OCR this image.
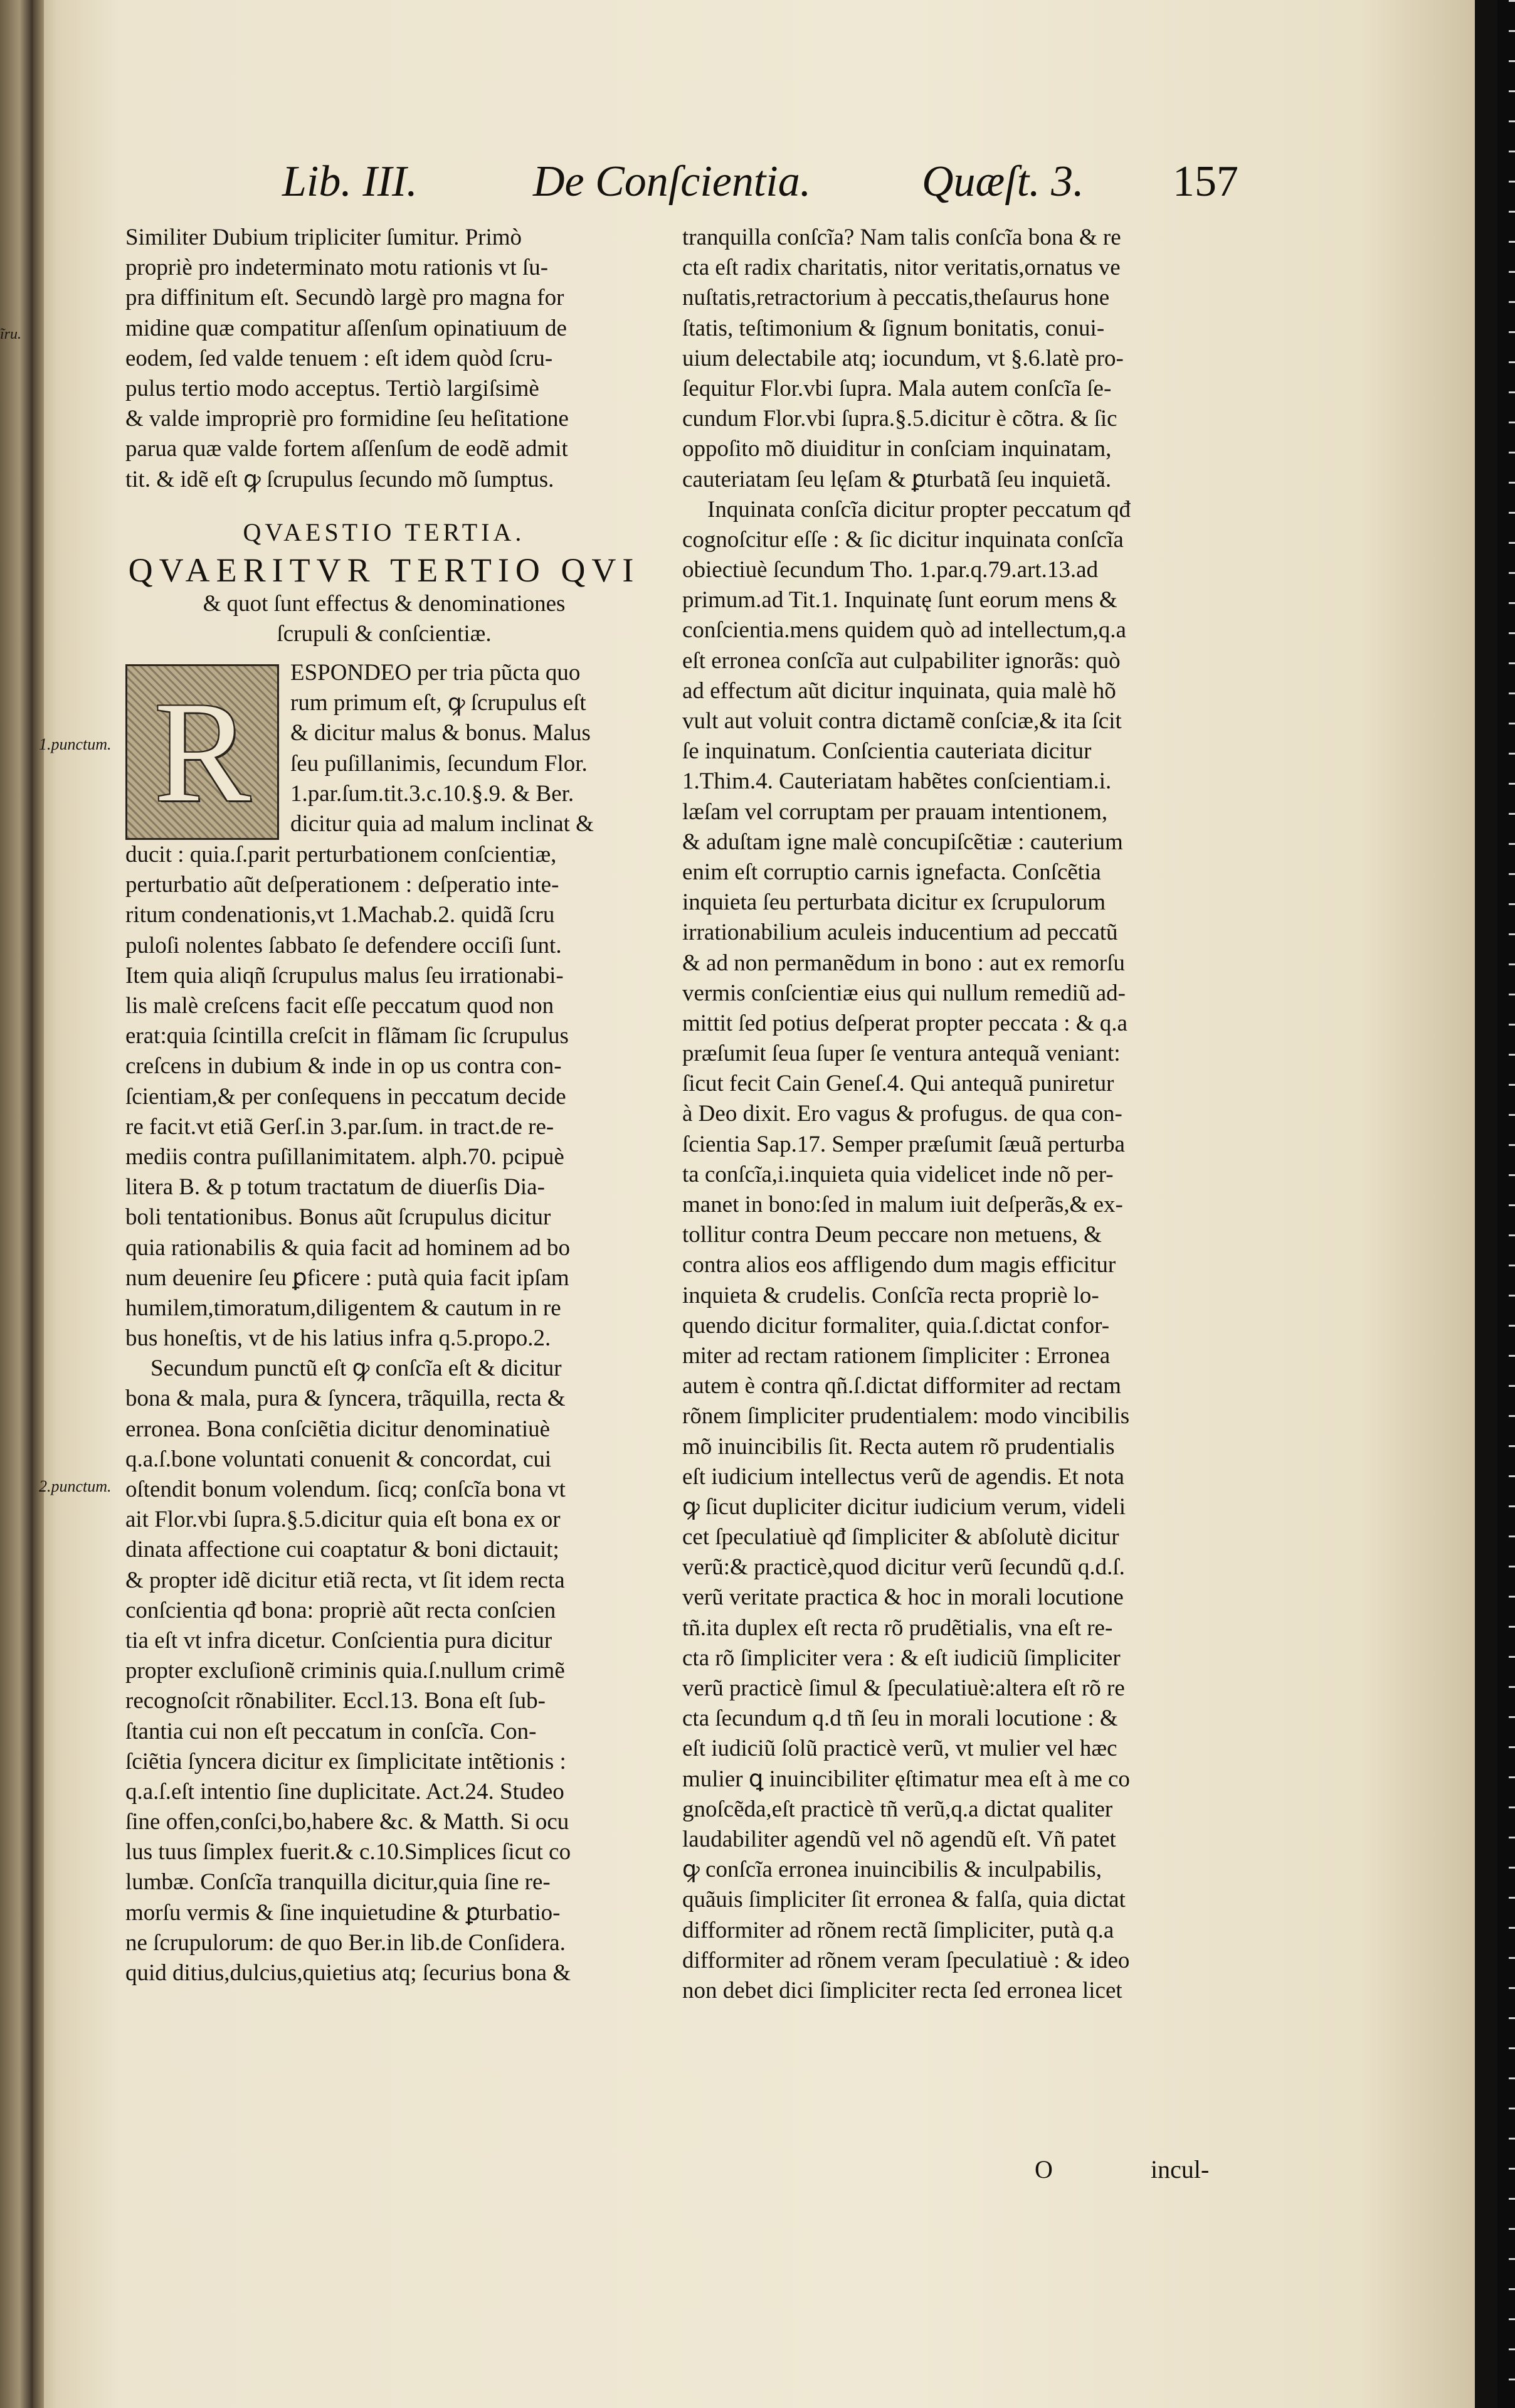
ĩru.
Lib. III.	De Conſcientia.	Quæſt. 3. 157
1.punctum.
2.punctum.
Similiter Dubium tripliciter ſumitur. Primò
propriè pro indeterminato motu rationis vt ſu-
pra diffinitum eſt. Secundò largè pro magna for
midine quæ compatitur aſſenſum opinatiuum de
eodem, ſed valde tenuem : eſt idem quòd ſcru-
pulus tertio modo acceptus. Tertiò largiſsimè
& valde impropriè pro formidine ſeu heſitatione
parua quæ valde fortem aſſenſum de eodẽ admit
tit. & idẽ eſt ꝙ ſcrupulus ſecundo mõ ſumptus.
QVAESTIO TERTIA.
QVAERITVR TERTIO QVI
& quot ſunt effectus & denominationes
ſcrupuli & conſcientiæ.
R	ESPONDEO per tria pũcta quo
rum primum eſt, ꝙ ſcrupulus eſt
& dicitur malus & bonus. Malus
ſeu puſillanimis, ſecundum Flor.
1.par.ſum.tit.3.c.10.§.9. & Ber.
dicitur quia ad malum inclinat &
ducit : quia.ſ.parit perturbationem conſcientiæ,
perturbatio aũt deſperationem : deſperatio inte-
ritum condenationis,vt 1.Machab.2. quidã ſcru
puloſi nolentes ſabbato ſe defendere occiſi ſunt.
Item quia aliqñ ſcrupulus malus ſeu irrationabi-
lis malè creſcens facit eſſe peccatum quod non
erat:quia ſcintilla creſcit in flãmam ſic ſcrupulus
creſcens in dubium & inde in op us contra con-
ſcientiam,& per conſequens in peccatum decide
re facit.vt etiã Gerſ.in 3.par.ſum. in tract.de re-
mediis contra puſillanimitatem. alph.70. pcipuè
litera B. & p totum tractatum de diuerſis Dia-
boli tentationibus. Bonus aũt ſcrupulus dicitur
quia rationabilis & quia facit ad hominem ad bo
num deuenire ſeu ꝑficere : putà quia facit ipſam
humilem,timoratum,diligentem & cautum in re
bus honeſtis, vt de his latius infra q.5.propo.2.
Secundum punctũ eſt ꝙ conſcĩa eſt & dicitur
bona & mala, pura & ſyncera, trãquilla, recta &
erronea. Bona conſciẽtia dicitur denominatiuè
q.a.ſ.bone voluntati conuenit & concordat, cui
oſtendit bonum volendum. ſicq; conſcĩa bona vt
ait Flor.vbi ſupra.§.5.dicitur quia eſt bona ex or
dinata affectione cui coaptatur & boni dictauit;
& propter idẽ dicitur etiã recta, vt ſit idem recta
conſcientia qđ bona: propriè aũt recta conſcien
tia eſt vt infra dicetur. Conſcientia pura dicitur
propter excluſionẽ criminis quia.ſ.nullum crimẽ
recognoſcit rõnabiliter. Eccl.13. Bona eſt ſub-
ſtantia cui non eſt peccatum in conſcĩa. Con-
ſciẽtia ſyncera dicitur ex ſimplicitate intẽtionis :
q.a.ſ.eſt intentio ſine duplicitate. Act.24. Studeo
ſine offen,conſci,bo,habere &c. & Matth. Si ocu
lus tuus ſimplex fuerit.& c.10.Simplices ſicut co
lumbæ. Conſcĩa tranquilla dicitur,quia ſine re-
morſu vermis & ſine inquietudine & ꝑturbatio-
ne ſcrupulorum: de quo Ber.in lib.de Conſidera.
quid ditius,dulcius,quietius atq; ſecurius bona &
tranquilla conſcĩa? Nam talis conſcĩa bona & re
cta eſt radix charitatis, nitor veritatis,ornatus ve
nuſtatis,retractorium à peccatis,theſaurus hone
ſtatis, teſtimonium & ſignum bonitatis, conui-
uium delectabile atq; iocundum, vt §.6.latè pro-
ſequitur Flor.vbi ſupra. Mala autem conſcĩa ſe-
cundum Flor.vbi ſupra.§.5.dicitur è cõtra. & ſic
oppoſito mõ diuiditur in conſciam inquinatam,
cauteriatam ſeu lęſam & ꝑturbatã ſeu inquietã.
Inquinata conſcĩa dicitur propter peccatum qđ
cognoſcitur eſſe : & ſic dicitur inquinata conſcĩa
obiectiuè ſecundum Tho. 1.par.q.79.art.13.ad
primum.ad Tit.1. Inquinatę ſunt eorum mens &
conſcientia.mens quidem quò ad intellectum,q.a
eſt erronea conſcĩa aut culpabiliter ignorãs: quò
ad effectum aũt dicitur inquinata, quia malè hõ
vult aut voluit contra dictamẽ conſciæ,& ita ſcit
ſe inquinatum. Conſcientia cauteriata dicitur
1.Thim.4. Cauteriatam habẽtes conſcientiam.i.
læſam vel corruptam per prauam intentionem,
& aduſtam igne malè concupiſcẽtiæ : cauterium
enim eſt corruptio carnis ignefacta. Conſcẽtia
inquieta ſeu perturbata dicitur ex ſcrupulorum
irrationabilium aculeis inducentium ad peccatũ
& ad non permanẽdum in bono : aut ex remorſu
vermis conſcientiæ eius qui nullum remediũ ad-
mittit ſed potius deſperat propter peccata : & q.a
præſumit ſeua ſuper ſe ventura antequã veniant:
ſicut fecit Cain Geneſ.4. Qui antequã puniretur
à Deo dixit. Ero vagus & profugus. de qua con-
ſcientia Sap.17. Semper præſumit ſæuã perturba
ta conſcĩa,i.inquieta quia videlicet inde nõ per-
manet in bono:ſed in malum iuit deſperãs,& ex-
tollitur contra Deum peccare non metuens, &
contra alios eos affligendo dum magis efficitur
inquieta & crudelis. Conſcĩa recta propriè lo-
quendo dicitur formaliter, quia.ſ.dictat confor-
miter ad rectam rationem ſimpliciter : Erronea
autem è contra qñ.ſ.dictat difformiter ad rectam
rõnem ſimpliciter prudentialem: modo vincibilis
mõ inuincibilis ſit. Recta autem rõ prudentialis
eſt iudicium intellectus verũ de agendis. Et nota
ꝙ ſicut dupliciter dicitur iudicium verum, videli
cet ſpeculatiuè qđ ſimpliciter & abſolutè dicitur
verũ:& practicè,quod dicitur verũ ſecundũ q.d.ſ.
verũ veritate practica & hoc in morali locutione
tñ.ita duplex eſt recta rõ prudẽtialis, vna eſt re-
cta rõ ſimpliciter vera : & eſt iudiciũ ſimpliciter
verũ practicè ſimul & ſpeculatiuè:altera eſt rõ re
cta ſecundum q.d tñ ſeu in morali locutione : &
eſt iudiciũ ſolũ practicè verũ, vt mulier vel hæc
mulier ꝗ inuincibiliter ęſtimatur mea eſt à me co
gnoſcẽda,eſt practicè tñ verũ,q.a dictat qualiter
laudabiliter agendũ vel nõ agendũ eſt. Vñ patet
ꝙ conſcĩa erronea inuincibilis & inculpabilis,
quãuis ſimpliciter ſit erronea & falſa, quia dictat
difformiter ad rõnem rectã ſimpliciter, putà q.a
difformiter ad rõnem veram ſpeculatiuè : & ideo
non debet dici ſimpliciter recta ſed erronea licet
O	incul-
